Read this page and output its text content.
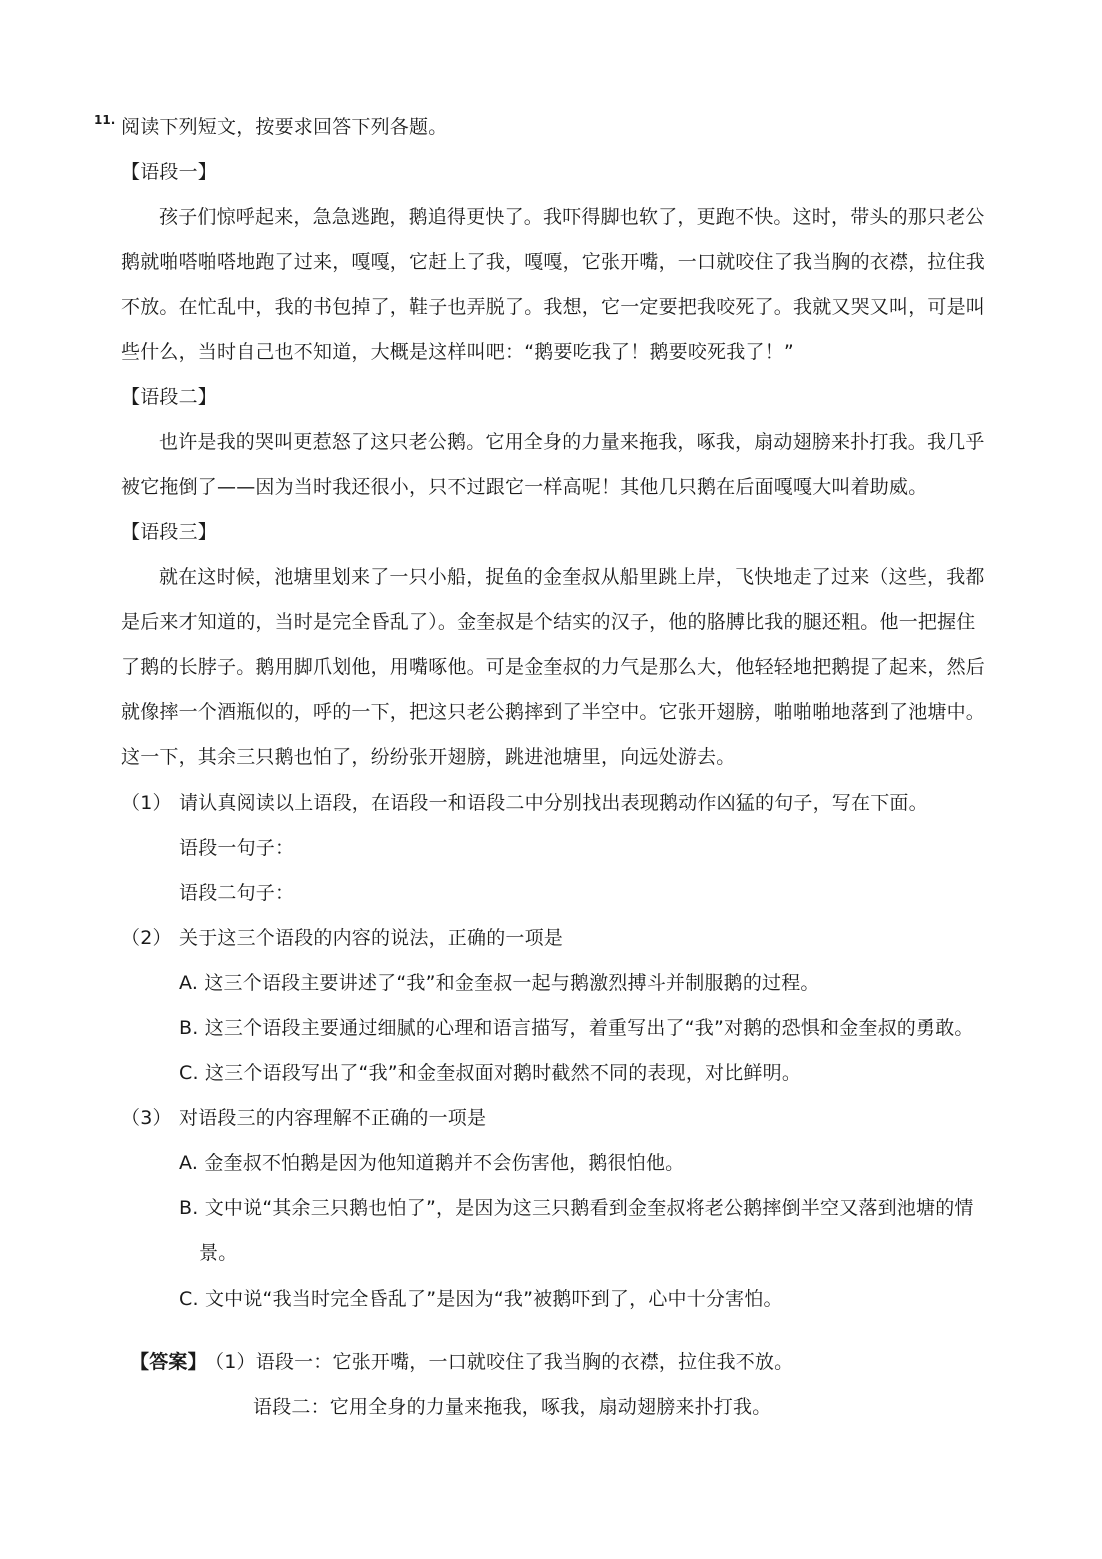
11. 阅读下列短文，按要求回答下列各题。
【语段一】
孩子们惊呼起来，急急逃跑，鹅追得更快了。我吓得脚也软了，更跑不快。这时，带头的那只老公
鹅就啪嗒啪嗒地跑了过来，嘎嘎，它赶上了我，嘎嘎，它张开嘴，一口就咬住了我当胸的衣襟，拉住我
不放。在忙乱中，我的书包掉了，鞋子也弄脱了。我想，它一定要把我咬死了。我就又哭又叫，可是叫
些什么，当时自己也不知道，大概是这样叫吧：“鹅要吃我了！鹅要咬死我了！”
【语段二】
也许是我的哭叫更惹怒了这只老公鹅。它用全身的力量来拖我，啄我，扇动翅膀来扑打我。我几乎
被它拖倒了——因为当时我还很小，只不过跟它一样高呢！其他几只鹅在后面嘎嘎大叫着助威。
【语段三】
就在这时候，池塘里划来了一只小船，捉鱼的金奎叔从船里跳上岸，飞快地走了过来（这些，我都
是后来才知道的，当时是完全昏乱了）。金奎叔是个结实的汉子，他的胳膊比我的腿还粗。他一把握住
了鹅的长脖子。鹅用脚爪划他，用嘴啄他。可是金奎叔的力气是那么大，他轻轻地把鹅提了起来，然后
就像摔一个酒瓶似的，呼的一下，把这只老公鹅摔到了半空中。它张开翅膀，啪啪啪地落到了池塘中。
这一下，其余三只鹅也怕了，纷纷张开翅膀，跳进池塘里，向远处游去。
（1） 请认真阅读以上语段，在语段一和语段二中分别找出表现鹅动作凶猛的句子，写在下面。
语段一句子：
语段二句子：
（2） 关于这三个语段的内容的说法，正确的一项是
A. 这三个语段主要讲述了“我”和金奎叔一起与鹅激烈搏斗并制服鹅的过程。
B. 这三个语段主要通过细腻的心理和语言描写，着重写出了“我”对鹅的恐惧和金奎叔的勇敢。
C. 这三个语段写出了“我”和金奎叔面对鹅时截然不同的表现，对比鲜明。
（3） 对语段三的内容理解不正确的一项是
A. 金奎叔不怕鹅是因为他知道鹅并不会伤害他，鹅很怕他。
B. 文中说“其余三只鹅也怕了”，是因为这三只鹅看到金奎叔将老公鹅摔倒半空又落到池塘的情
景。
C. 文中说“我当时完全昏乱了”是因为“我”被鹅吓到了，心中十分害怕。
【答案】
（1）语段一：它张开嘴，一口就咬住了我当胸的衣襟，拉住我不放。
语段二：它用全身的力量来拖我，啄我，扇动翅膀来扑打我。
